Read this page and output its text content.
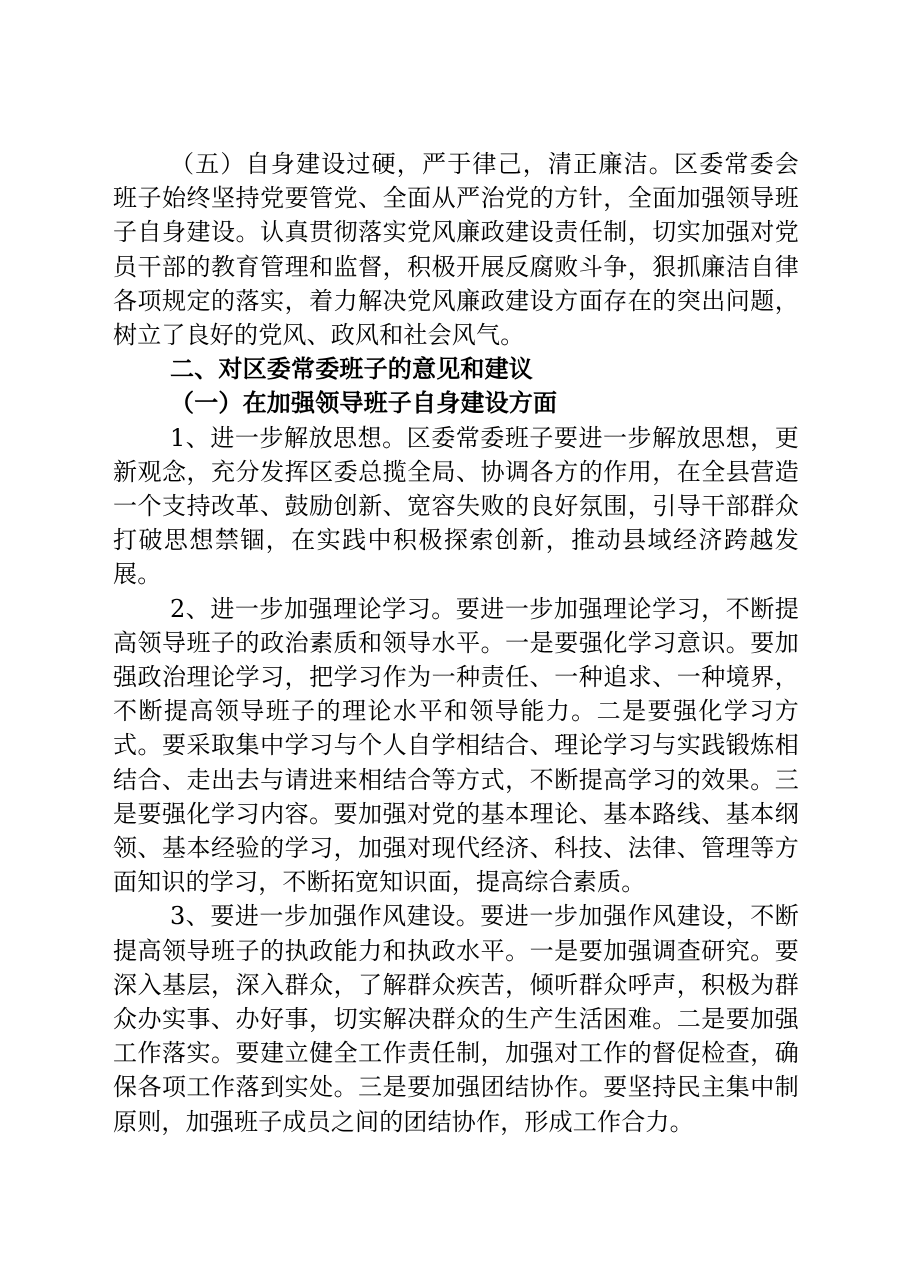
（五）自身建设过硬，严于律己，清正廉洁。区委常委会班子始终坚持党要管党、全面从严治党的方针，全面加强领导班子自身建设。认真贯彻落实党风廉政建设责任制，切实加强对党员干部的教育管理和监督，积极开展反腐败斗争，狠抓廉洁自律各项规定的落实，着力解决党风廉政建设方面存在的突出问题，树立了良好的党风、政风和社会风气。

二、对区委常委班子的意见和建议

（一）在加强领导班子自身建设方面

1、进一步解放思想。区委常委班子要进一步解放思想，更新观念，充分发挥区委总揽全局、协调各方的作用，在全县营造一个支持改革、鼓励创新、宽容失败的良好氛围，引导干部群众打破思想禁锢，在实践中积极探索创新，推动县域经济跨越发展。

2、进一步加强理论学习。要进一步加强理论学习，不断提高领导班子的政治素质和领导水平。一是要强化学习意识。要加强政治理论学习，把学习作为一种责任、一种追求、一种境界，不断提高领导班子的理论水平和领导能力。二是要强化学习方式。要采取集中学习与个人自学相结合、理论学习与实践锻炼相结合、走出去与请进来相结合等方式，不断提高学习的效果。三是要强化学习内容。要加强对党的基本理论、基本路线、基本纲领、基本经验的学习，加强对现代经济、科技、法律、管理等方面知识的学习，不断拓宽知识面，提高综合素质。

3、要进一步加强作风建设。要进一步加强作风建设，不断提高领导班子的执政能力和执政水平。一是要加强调查研究。要深入基层，深入群众，了解群众疾苦，倾听群众呼声，积极为群众办实事、办好事，切实解决群众的生产生活困难。二是要加强工作落实。要建立健全工作责任制，加强对工作的督促检查，确保各项工作落到实处。三是要加强团结协作。要坚持民主集中制原则，加强班子成员之间的团结协作，形成工作合力。
